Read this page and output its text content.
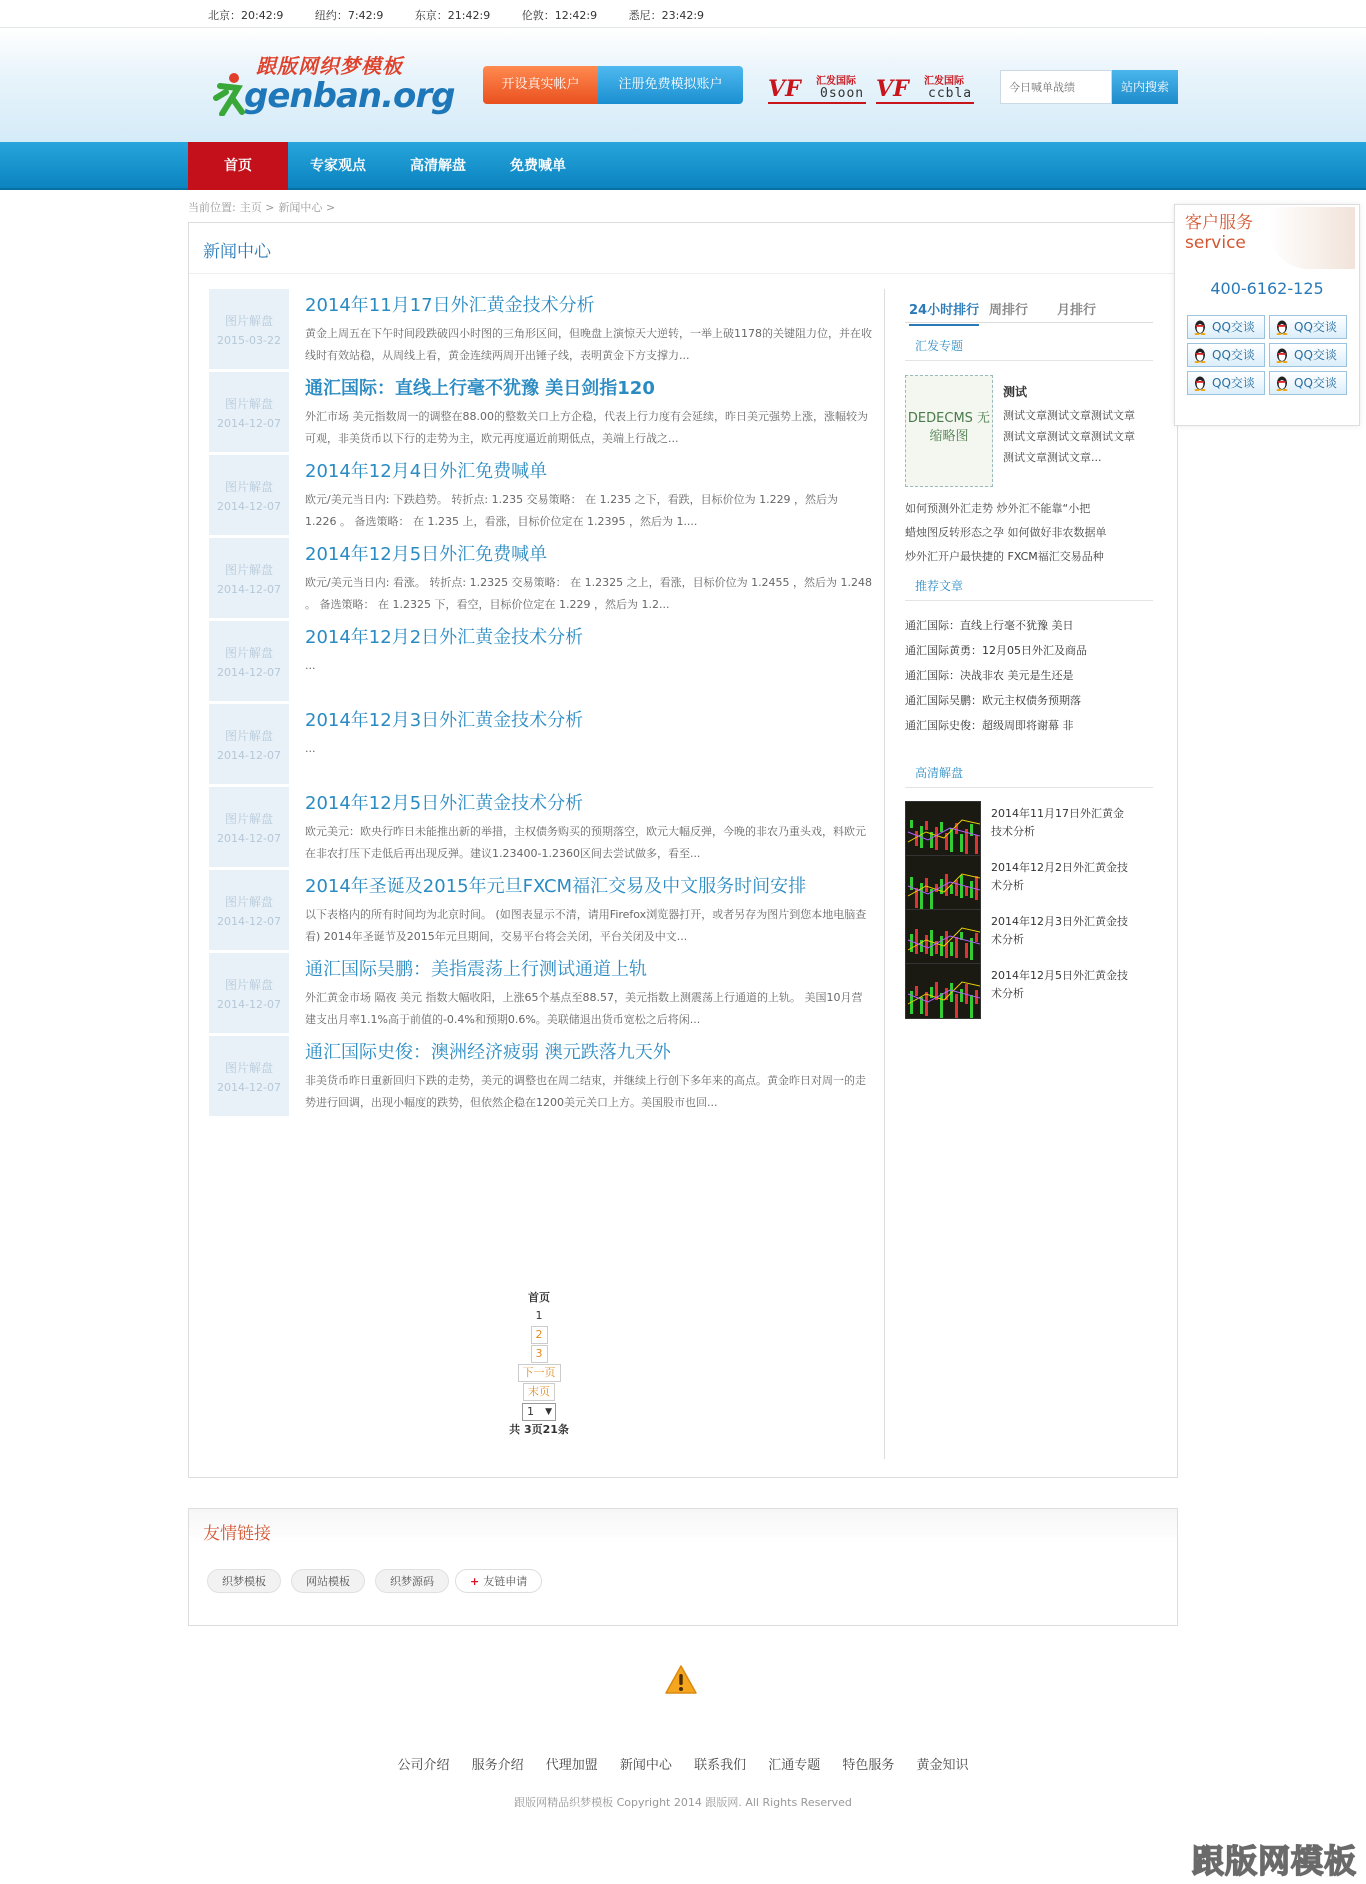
北京：20:42:9	纽约：7:42:9	东京：21:42:9	伦敦：12:42:9	悉尼：23:42:9
跟版网织梦模板
genban.org	开设真实帐户	注册免费模拟账户	VF 汇发国际
0soon VF 汇发国际
ccbla
今日喊单战绩	站内搜索
首页	专家观点	高清解盘	免费喊单
当前位置: 主页 > 新闻中心 >
新闻中心
图片解盘
2015-03-22
2014年11月17日外汇黄金技术分析
黄金上周五在下午时间段跌破四小时图的三角形区间，但晚盘上演惊天大逆转，一举上破1178的关键阻力位，并在收线时有效站稳，从周线上看，黄金连续两周开出锤子线，表明黄金下方支撑力...
图片解盘
2014-12-07
通汇国际：直线上行毫不犹豫 美日剑指120
外汇市场 美元指数周一的调整在88.00的整数关口上方企稳，代表上行力度有会延续，昨日美元强势上涨，涨幅较为可观，非美货币以下行的走势为主，欧元再度逼近前期低点，美端上行战之...
图片解盘
2014-12-07
2014年12月4日外汇免费喊单
欧元/美元当日内: 下跌趋势。 转折点: 1.235 交易策略： 在 1.235 之下，看跌，目标价位为 1.229 ，然后为 1.226 。 备选策略： 在 1.235 上，看涨，目标价位定在 1.2395 ，然后为 1....
图片解盘
2014-12-07
2014年12月5日外汇免费喊单
欧元/美元当日内: 看涨。 转折点: 1.2325 交易策略： 在 1.2325 之上，看涨，目标价位为 1.2455 ，然后为 1.248 。 备选策略： 在 1.2325 下，看空，目标价位定在 1.229 ，然后为 1.2...
图片解盘
2014-12-07
2014年12月2日外汇黄金技术分析
...
图片解盘
2014-12-07
2014年12月3日外汇黄金技术分析
...
图片解盘
2014-12-07
2014年12月5日外汇黄金技术分析
欧元美元：欧央行昨日未能推出新的举措，主权债务购买的预期落空，欧元大幅反弹，今晚的非农乃重头戏，料欧元在非农打压下走低后再出现反弹。建议1.23400-1.2360区间去尝试做多，看至...
图片解盘
2014-12-07
2014年圣诞及2015年元旦FXCM福汇交易及中文服务时间安排
以下表格内的所有时间均为北京时间。 (如图表显示不清，请用Firefox浏览器打开，或者另存为图片到您本地电脑查看) 2014年圣诞节及2015年元旦期间，交易平台将会关闭，平台关闭及中文...
图片解盘
2014-12-07
通汇国际吴鹏：美指震荡上行测试通道上轨
外汇黄金市场 隔夜 美元 指数大幅收阳，上涨65个基点至88.57，美元指数上测震荡上行通道的上轨。 美国10月营建支出月率1.1%高于前值的-0.4%和预期0.6%。美联储退出货币宽松之后将闲...
图片解盘
2014-12-07
通汇国际史俊：澳洲经济疲弱 澳元跌落九天外
非美货币昨日重新回归下跌的走势，美元的调整也在周二结束，并继续上行创下多年来的高点。黄金昨日对周一的走势进行回调，出现小幅度的跌势，但依然企稳在1200美元关口上方。美国股市也回...
首页
1
2
3
下一页
末页
1 ▼
共 3页21条
24小时排行 周排行 月排行
汇发专题
DEDECMS 无缩略图
测试
测试文章测试文章测试文章测试文章测试文章测试文章测试文章测试文章...
如何预测外汇走势 炒外汇不能靠“小把
蜡烛图反转形态之孕 如何做好非农数据单
炒外汇开户最快捷的 FXCM福汇交易品种
推荐文章
通汇国际：直线上行毫不犹豫 美日
通汇国际黄勇：12月05日外汇及商品
通汇国际：决战非农 美元是生还是
通汇国际吴鹏：欧元主权债务预期落
通汇国际史俊：超级周即将谢幕 非
高清解盘
2014年11月17日外汇黄金技术分析
2014年12月2日外汇黄金技术分析
2014年12月3日外汇黄金技术分析
2014年12月5日外汇黄金技术分析
客户服务
service
400-6162-125
QQ交谈	QQ交谈
QQ交谈	QQ交谈
QQ交谈	QQ交谈
友情链接
织梦模板	网站模板	织梦源码	+ 友链申请
公司介绍 服务介绍 代理加盟 新闻中心 联系我们 汇通专题 特色服务 黄金知识
跟版网精品织梦模板 Copyright 2014 跟版网. All Rights Reserved
跟版网模板
